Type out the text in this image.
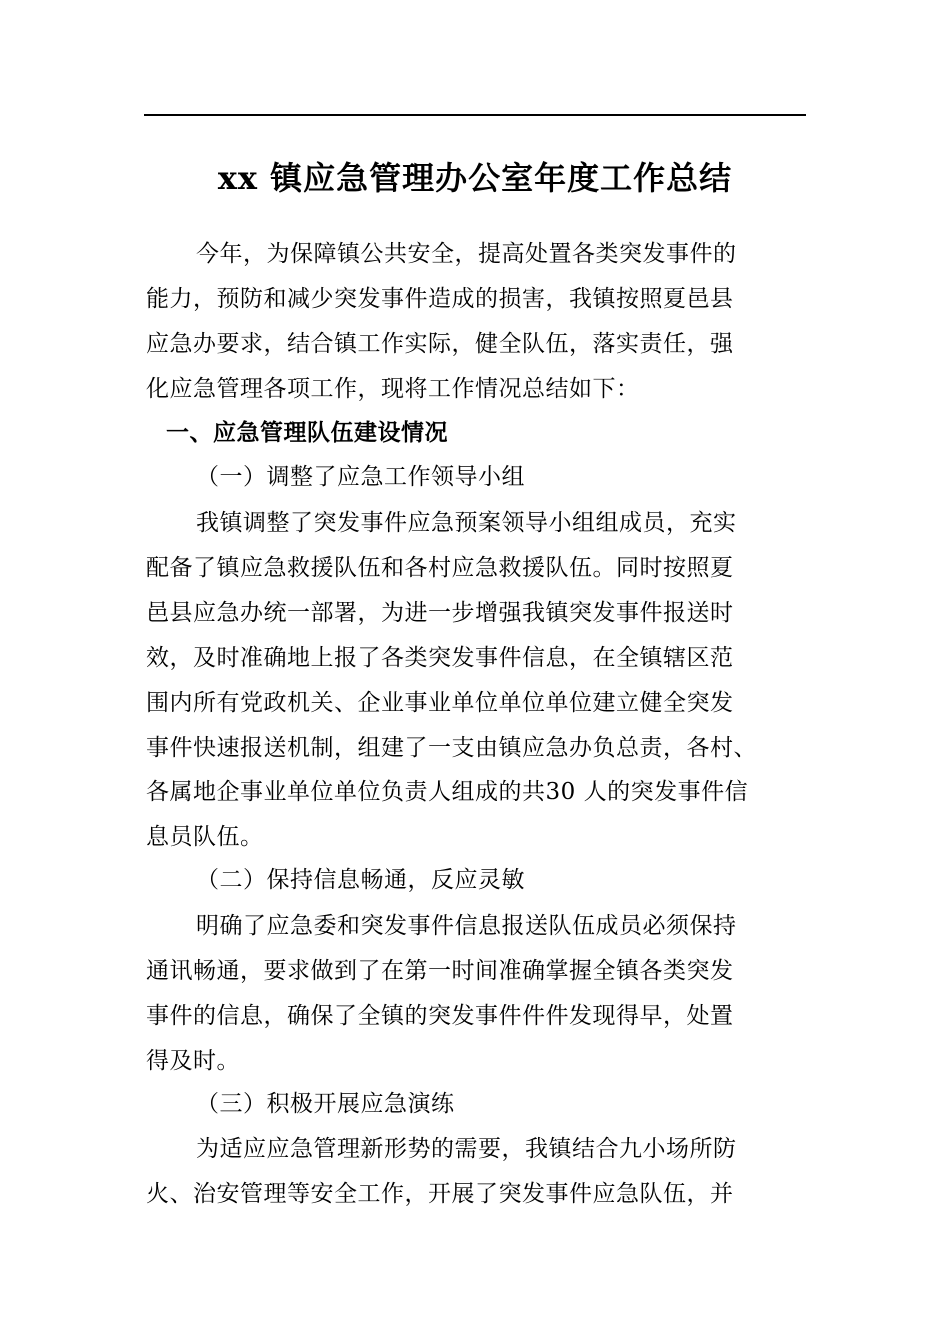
xx 镇应急管理办公室年度工作总结
今年，为保障镇公共安全，提高处置各类突发事件的
能力，预防和减少突发事件造成的损害，我镇按照夏邑县
应急办要求，结合镇工作实际，健全队伍，落实责任，强
化应急管理各项工作，现将工作情况总结如下：
一、应急管理队伍建设情况
（一）调整了应急工作领导小组
我镇调整了突发事件应急预案领导小组组成员，充实
配备了镇应急救援队伍和各村应急救援队伍。同时按照夏
邑县应急办统一部署，为进一步增强我镇突发事件报送时
效，及时准确地上报了各类突发事件信息，在全镇辖区范
围内所有党政机关、企业事业单位单位单位建立健全突发
事件快速报送机制，组建了一支由镇应急办负总责，各村、
各属地企事业单位单位负责人组成的共30 人的突发事件信
息员队伍。
（二）保持信息畅通，反应灵敏
明确了应急委和突发事件信息报送队伍成员必须保持
通讯畅通，要求做到了在第一时间准确掌握全镇各类突发
事件的信息，确保了全镇的突发事件件件发现得早，处置
得及时。
（三）积极开展应急演练
为适应应急管理新形势的需要，我镇结合九小场所防
火、治安管理等安全工作，开展了突发事件应急队伍，并
